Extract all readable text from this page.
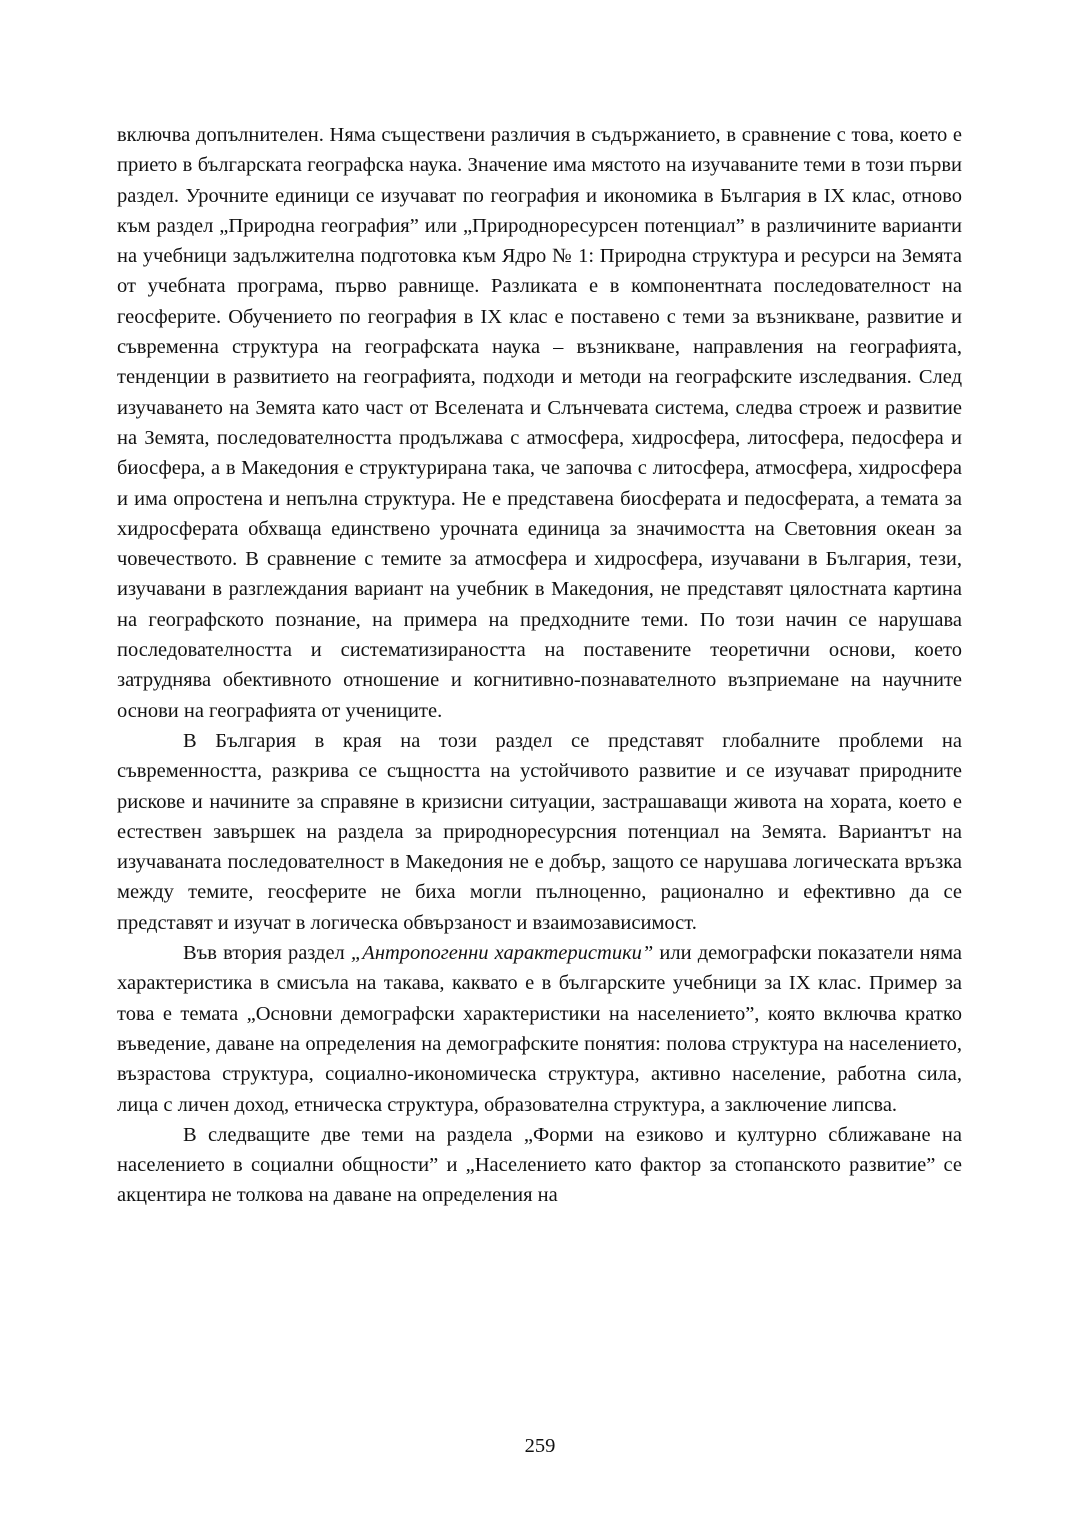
включва допълнителен. Няма съществени различия в съдържанието, в сравнение с това, което е прието в българската географска наука. Значение има мястото на изучаваните теми в този първи раздел. Урочните единици се изучават по география и икономика в България в IX клас, отново към раздел „Природна география” или „Природноресурсен потенциал” в различините варианти на учебници задължителна подготовка към Ядро № 1: Природна структура и ресурси на Земята от учебната програма, първо равнище. Разликата е в компонентната последователност на геосферите. Обучението по география в IX клас е поставено с теми за възникване, развитие и съвременна структура на географската наука – възникване, направления на географията, тенденции в развитието на географията, подходи и методи на географските изследвания. След изучаването на Земята като част от Вселената и Слънчевата система, следва строеж и развитие на Земята, последователността продължава с атмосфера, хидросфера, литосфера, педосфера и биосфера, а в Македония е структурирана така, че започва с литосфера, атмосфера, хидросфера и има опростена и непълна структура. Не е представена биосферата и педосферата, а темата за хидросферата обхваща единствено урочната единица за значимостта на Световния океан за човечеството. В сравнение с темите за атмосфера и хидросфера, изучавани в България, тези, изучавани в разглеждания вариант на учебник в Македония, не представят цялостната картина на географското познание, на примера на предходните теми. По този начин се нарушава последователността и систематизираността на поставените теоретични основи, което затруднява обективното отношение и когнитивно-познавателното възприемане на научните основи на географията от учениците.

В България в края на този раздел се представят глобалните проблеми на съвременността, разкрива се същността на устойчивото развитие и се изучават природните рискове и начините за справяне в кризисни ситуации, застрашаващи живота на хората, което е естествен завършек на раздела за природноресурсния потенциал на Земята. Вариантът на изучаваната последователност в Македония не е добър, защото се нарушава логическата връзка между темите, геосферите не биха могли пълноценно, рационално и ефективно да се представят и изучат в логическа обвързаност и взаимозависимост.

Във втория раздел „Антропогенни характеристики” или демографски показатели няма характеристика в смисъла на такава, каквато е в българските учебници за IX клас. Пример за това е темата „Основни демографски характеристики на населението”, която включва кратко въведение, даване на определения на демографските понятия: полова структура на населението, възрастова структура, социално-икономическа структура, активно население, работна сила, лица с личен доход, етническа структура, образователна структура, а заключение липсва.

В следващите две теми на раздела „Форми на езиково и културно сближаване на населението в социални общности” и „Населението като фактор за стопанското развитие” се акцентира не толкова на даване на определения на

259
